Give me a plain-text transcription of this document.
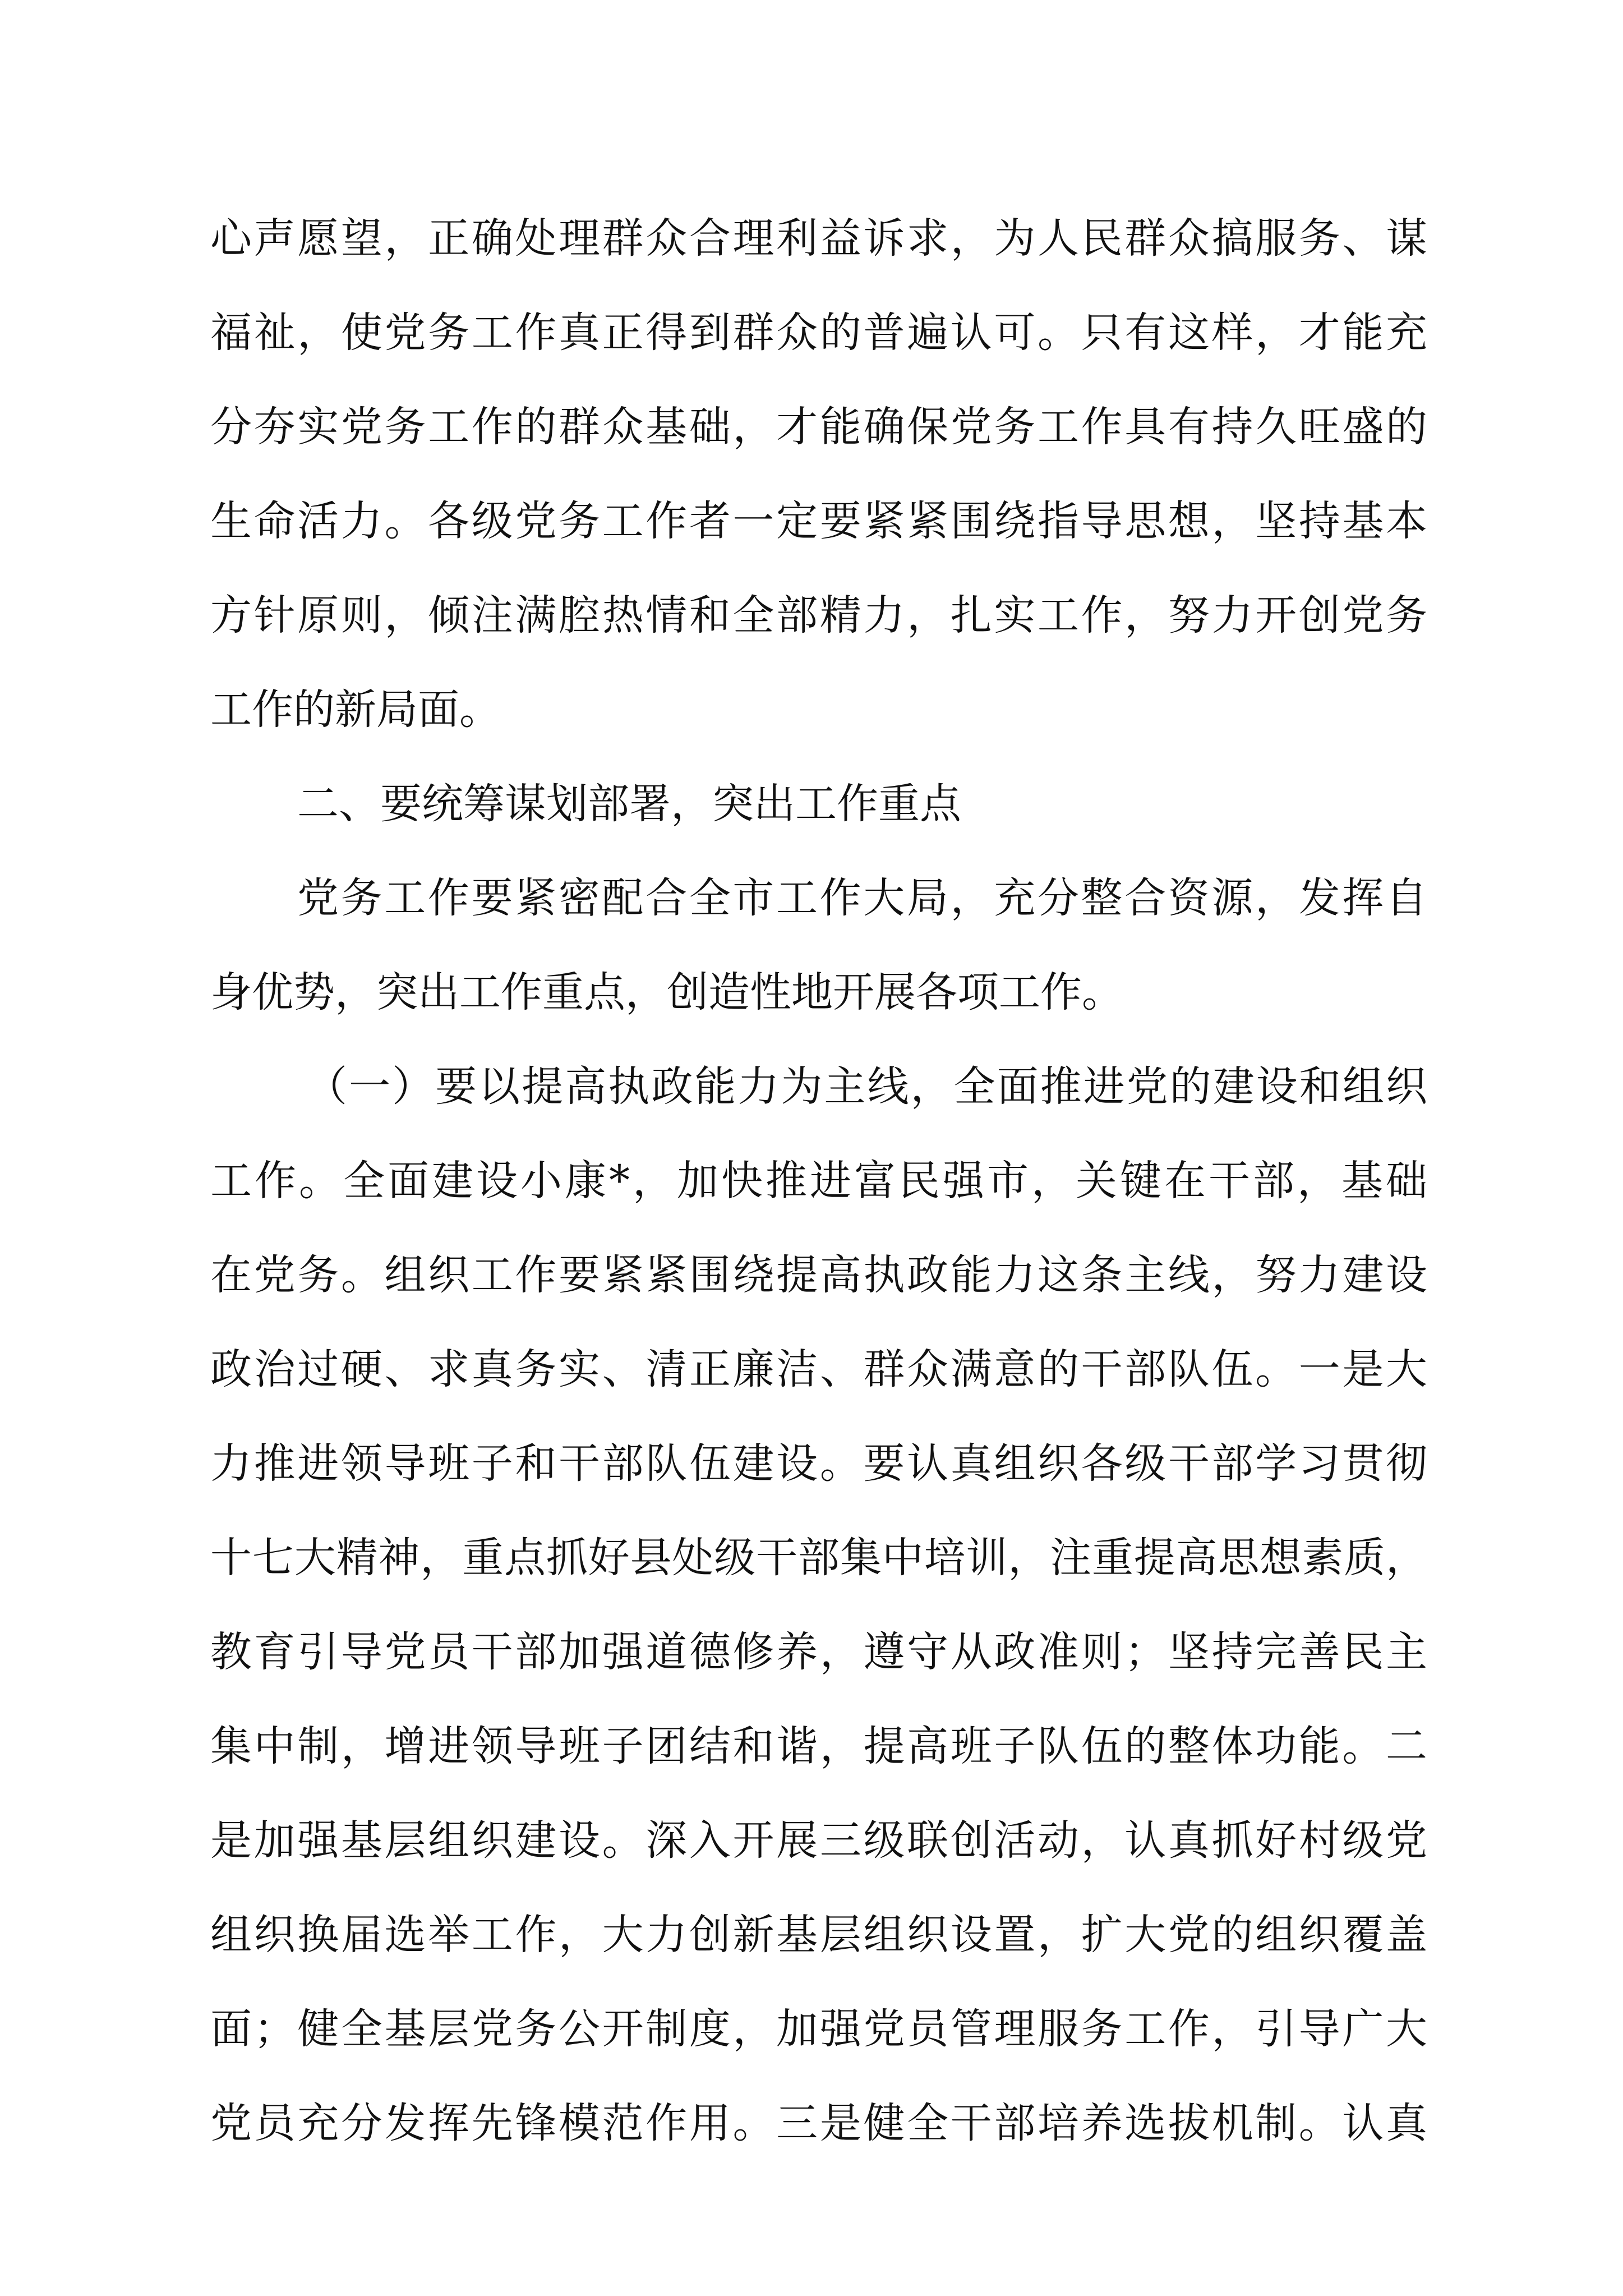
心声愿望，正确处理群众合理利益诉求，为人民群众搞服务、谋
福祉，使党务工作真正得到群众的普遍认可。只有这样，才能充
分夯实党务工作的群众基础，才能确保党务工作具有持久旺盛的
生命活力。各级党务工作者一定要紧紧围绕指导思想，坚持基本
方针原则，倾注满腔热情和全部精力，扎实工作，努力开创党务
工作的新局面。
二、要统筹谋划部署，突出工作重点
党务工作要紧密配合全市工作大局，充分整合资源，发挥自
身优势，突出工作重点，创造性地开展各项工作。
（一）要以提高执政能力为主线，全面推进党的建设和组织
工作。全面建设小康*，加快推进富民强市，关键在干部，基础
在党务。组织工作要紧紧围绕提高执政能力这条主线，努力建设
政治过硬、求真务实、清正廉洁、群众满意的干部队伍。一是大
力推进领导班子和干部队伍建设。要认真组织各级干部学习贯彻
十七大精神，重点抓好县处级干部集中培训，注重提高思想素质，
教育引导党员干部加强道德修养，遵守从政准则；坚持完善民主
集中制，增进领导班子团结和谐，提高班子队伍的整体功能。二
是加强基层组织建设。深入开展三级联创活动，认真抓好村级党
组织换届选举工作，大力创新基层组织设置，扩大党的组织覆盖
面；健全基层党务公开制度，加强党员管理服务工作，引导广大
党员充分发挥先锋模范作用。三是健全干部培养选拔机制。认真
